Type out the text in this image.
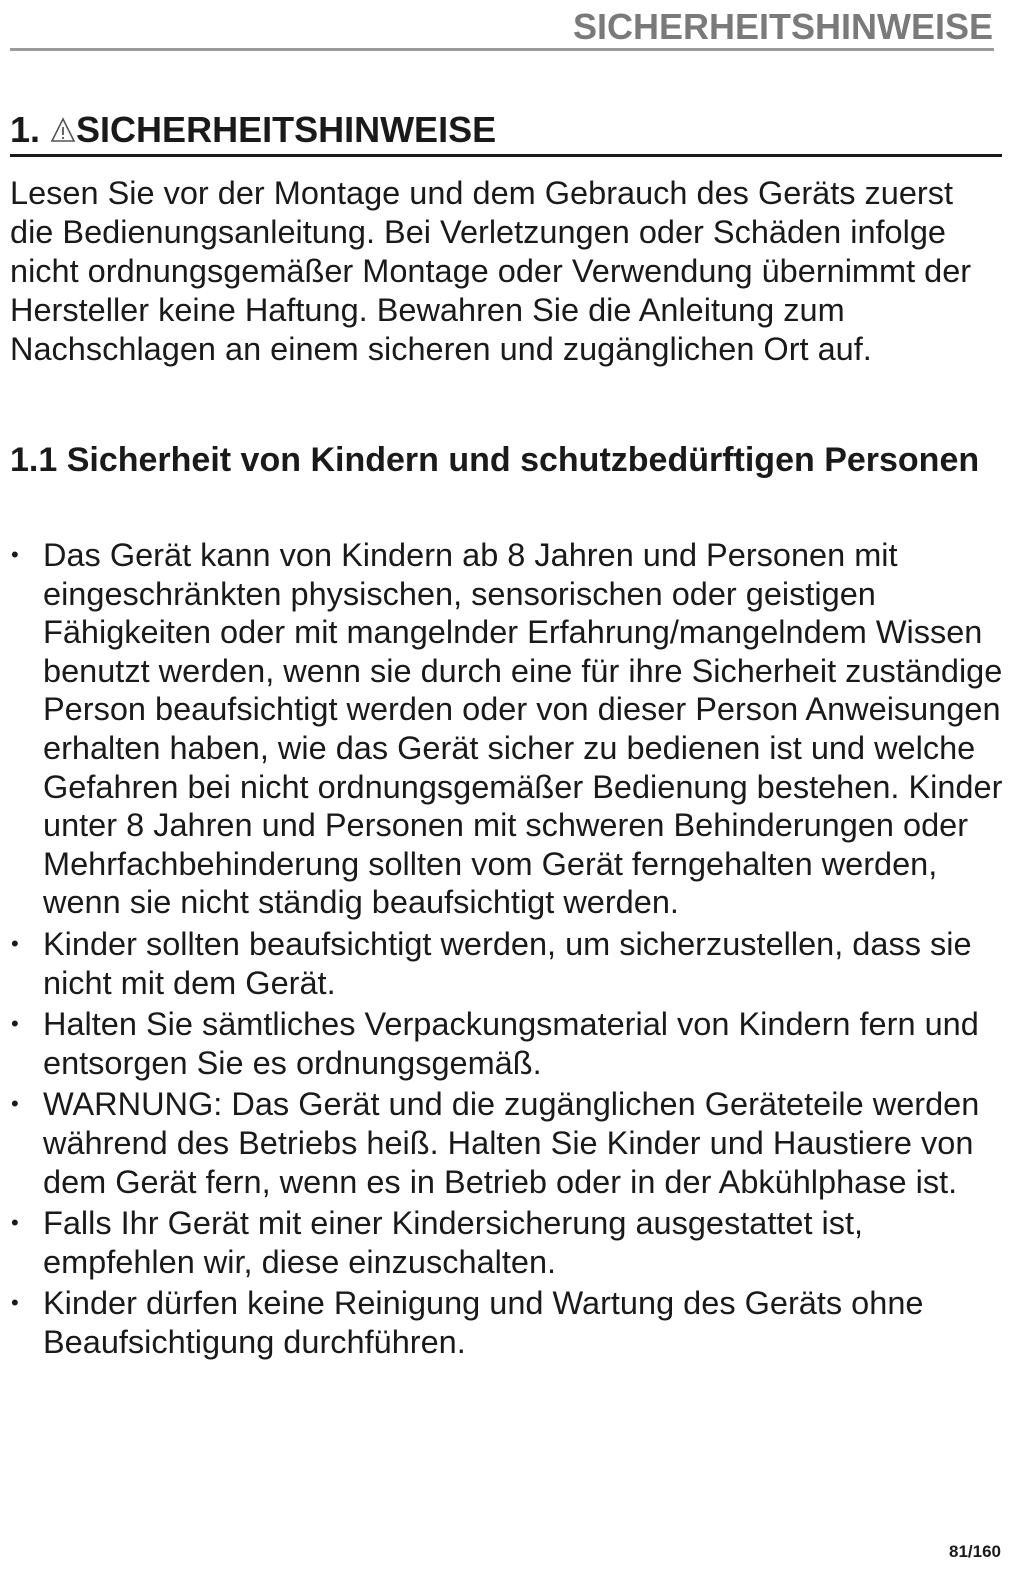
SICHERHEITSHINWEISE
1. SICHERHEITSHINWEISE

Lesen Sie vor der Montage und dem Gebrauch des Geräts zuerst die Bedienungsanleitung. Bei Verletzungen oder Schäden infolge nicht ordnungsgemäßer Montage oder Verwendung übernimmt der Hersteller keine Haftung. Bewahren Sie die Anleitung zum Nachschlagen an einem sicheren und zugänglichen Ort auf.

1.1 Sicherheit von Kindern und schutzbedürftigen Personen
• Das Gerät kann von Kindern ab 8 Jahren und Personen mit eingeschränkten physischen, sensorischen oder geistigen Fähigkeiten oder mit mangelnder Erfahrung/mangelndem Wissen benutzt werden, wenn sie durch eine für ihre Sicherheit zuständige Person beaufsichtigt werden oder von dieser Person Anweisungen erhalten haben, wie das Gerät sicher zu bedienen ist und welche Gefahren bei nicht ordnungsgemäßer Bedienung bestehen. Kinder unter 8 Jahren und Personen mit schweren Behinderungen oder Mehrfachbehinderung sollten vom Gerät ferngehalten werden, wenn sie nicht ständig beaufsichtigt werden.
• Kinder sollten beaufsichtigt werden, um sicherzustellen, dass sie nicht mit dem Gerät.
• Halten Sie sämtliches Verpackungsmaterial von Kindern fern und entsorgen Sie es ordnungsgemäß.
• WARNUNG: Das Gerät und die zugänglichen Geräteteile werden während des Betriebs heiß. Halten Sie Kinder und Haustiere von dem Gerät fern, wenn es in Betrieb oder in der Abkühlphase ist.
• Falls Ihr Gerät mit einer Kindersicherung ausgestattet ist, empfehlen wir, diese einzuschalten.
• Kinder dürfen keine Reinigung und Wartung des Geräts ohne Beaufsichtigung durchführen.
81/160
